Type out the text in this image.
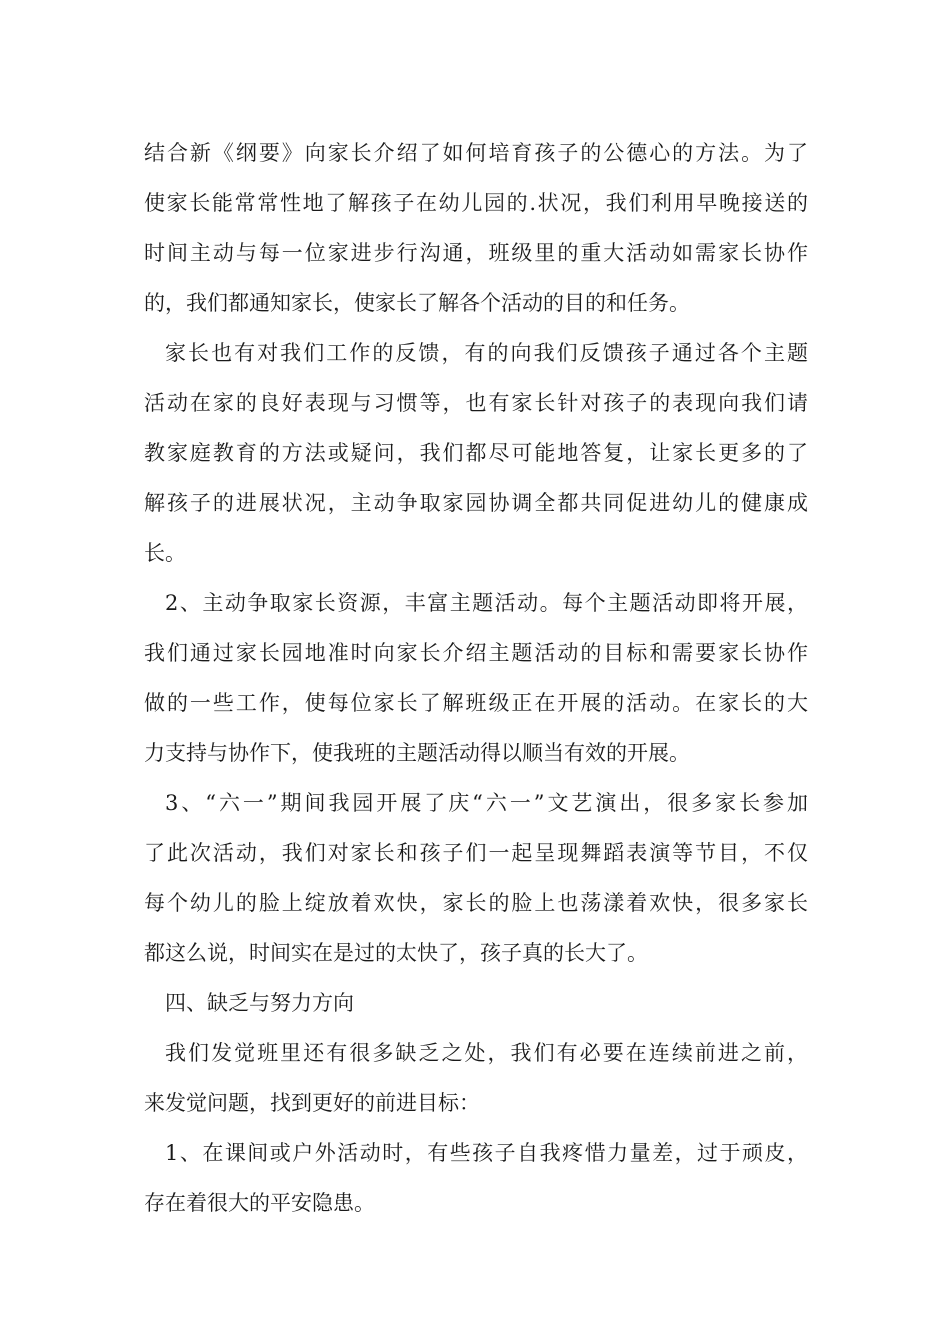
结合新《纲要》向家长介绍了如何培育孩子的公德心的方法。为了
使家长能常常性地了解孩子在幼儿园的.状况，我们利用早晚接送的
时间主动与每一位家进步行沟通，班级里的重大活动如需家长协作
的，我们都通知家长，使家长了解各个活动的目的和任务。
家长也有对我们工作的反馈，有的向我们反馈孩子通过各个主题
活动在家的良好表现与习惯等，也有家长针对孩子的表现向我们请
教家庭教育的方法或疑问，我们都尽可能地答复，让家长更多的了
解孩子的进展状况，主动争取家园协调全都共同促进幼儿的健康成
长。
2、主动争取家长资源，丰富主题活动。每个主题活动即将开展，
我们通过家长园地准时向家长介绍主题活动的目标和需要家长协作
做的一些工作，使每位家长了解班级正在开展的活动。在家长的大
力支持与协作下，使我班的主题活动得以顺当有效的开展。
3、“六一”期间我园开展了庆“六一”文艺演出，很多家长参加
了此次活动，我们对家长和孩子们一起呈现舞蹈表演等节目，不仅
每个幼儿的脸上绽放着欢快，家长的脸上也荡漾着欢快，很多家长
都这么说，时间实在是过的太快了，孩子真的长大了。
四、缺乏与努力方向
我们发觉班里还有很多缺乏之处，我们有必要在连续前进之前，
来发觉问题，找到更好的前进目标：
1、在课间或户外活动时，有些孩子自我疼惜力量差，过于顽皮，
存在着很大的平安隐患。
